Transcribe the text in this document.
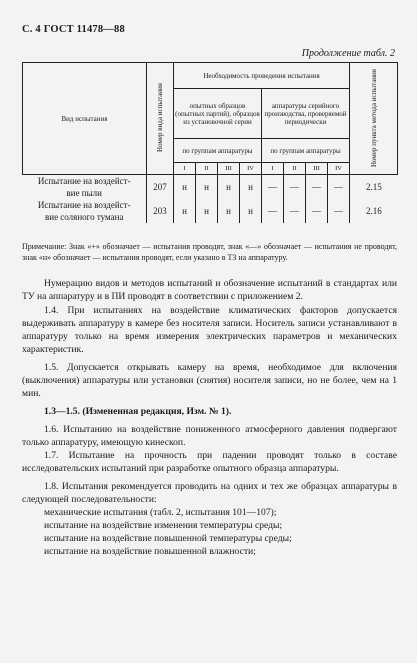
С. 4 ГОСТ 11478—88
Продолжение табл. 2
Вид испытания	Номер вида испытания	Необходимость проведения испытания								Номер пункта метода испытания
		опытных образцов (опытных партий), образцов из установочной серии				аппаратуры серийного производства, проверяемой периодически				
		по группам аппаратуры				по группам аппаратуры				
		I	II	III	IV	I	II	III	IV	
Испытание на воздейст-
вие пыли	207	н	н	н	н	—	—	—	—	2.15
Испытание на воздейст-
вие соляного тумана	203	н	н	н	н	—	—	—	—	2.16
Примечание: Знак «+» обозначает — испытания проводят, знак «—» обозначает — испытания не проводят, знак «н» обозначает — испытания проводят, если указано в ТЗ на аппаратуру.

Нумерацию видов и методов испытаний и обозначение испытаний в стандартах или ТУ на аппаратуру и в ПИ проводят в соответствии с приложением 2.

1.4. При испытаниях на воздействие климатических факторов допускается выдерживать аппаратуру в камере без носителя записи. Носитель записи устанавливают в аппаратуру только на время измерения электрических параметров и механических характеристик.

1.5. Допускается открывать камеру на время, необходимое для включения (выключения) аппаратуры или установки (снятия) носителя записи, но не более, чем на 1 мин.

1.3—1.5. (Измененная редакция, Изм. № 1).

1.6. Испытанию на воздействие пониженного атмосферного давления подвергают только аппаратуру, имеющую кинескоп.

1.7. Испытание на прочность при падении проводят только в составе исследовательских испытаний при разработке опытного образца аппаратуры.

1.8. Испытания рекомендуется проводить на одних и тех же образцах аппаратуры в следующей последовательности:

механические испытания (табл. 2, испытания 101—107);

испытание на воздействие изменения температуры среды;

испытание на воздействие повышенной температуры среды;

испытание на воздействие повышенной влажности;
